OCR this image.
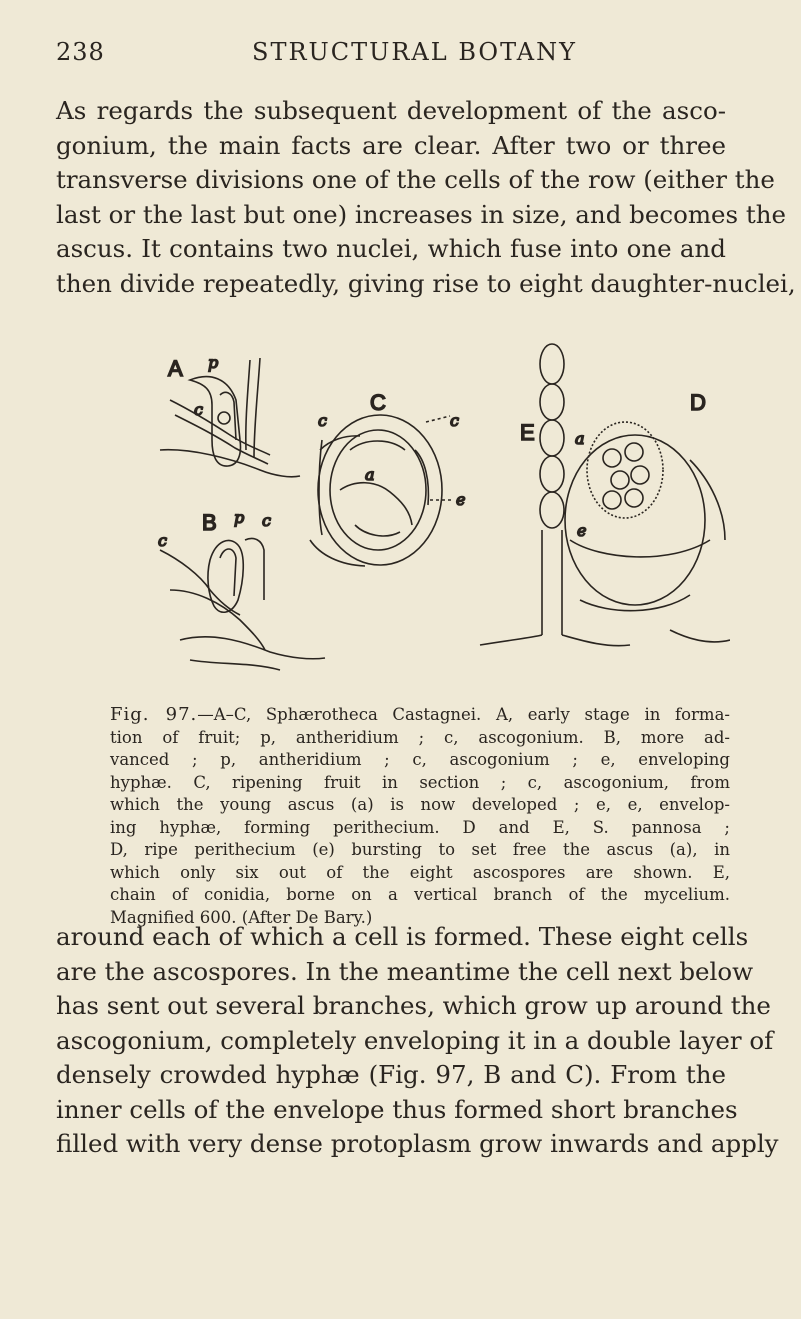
238	STRUCTURAL BOTANY
As regards the subsequent development of the asco-
gonium, the main facts are clear. After two or three
transverse divisions one of the cells of the row (either the
last or the last but one) increases in size, and becomes the
ascus. It contains two nuclei, which fuse into one and
then divide repeatedly, giving rise to eight daughter-nuclei,
A p
c
B p
c
c
C
c	c
a
e
E
D
a
e
Fig. 97.—A–C, Sphærotheca Castagnei. A, early stage in forma-
tion of fruit; p, antheridium ; c, ascogonium. B, more ad-
vanced ; p, antheridium ; c, ascogonium ; e, enveloping
hyphæ. C, ripening fruit in section ; c, ascogonium, from
which the young ascus (a) is now developed ; e, e, envelop-
ing hyphæ, forming perithecium. D and E, S. pannosa ;
D, ripe perithecium (e) bursting to set free the ascus (a), in
which only six out of the eight ascospores are shown. E,
chain of conidia, borne on a vertical branch of the mycelium.
Magnified 600. (After De Bary.)
around each of which a cell is formed. These eight cells
are the ascospores. In the meantime the cell next below
has sent out several branches, which grow up around the
ascogonium, completely enveloping it in a double layer of
densely crowded hyphæ (Fig. 97, B and C). From the
inner cells of the envelope thus formed short branches
filled with very dense protoplasm grow inwards and apply
